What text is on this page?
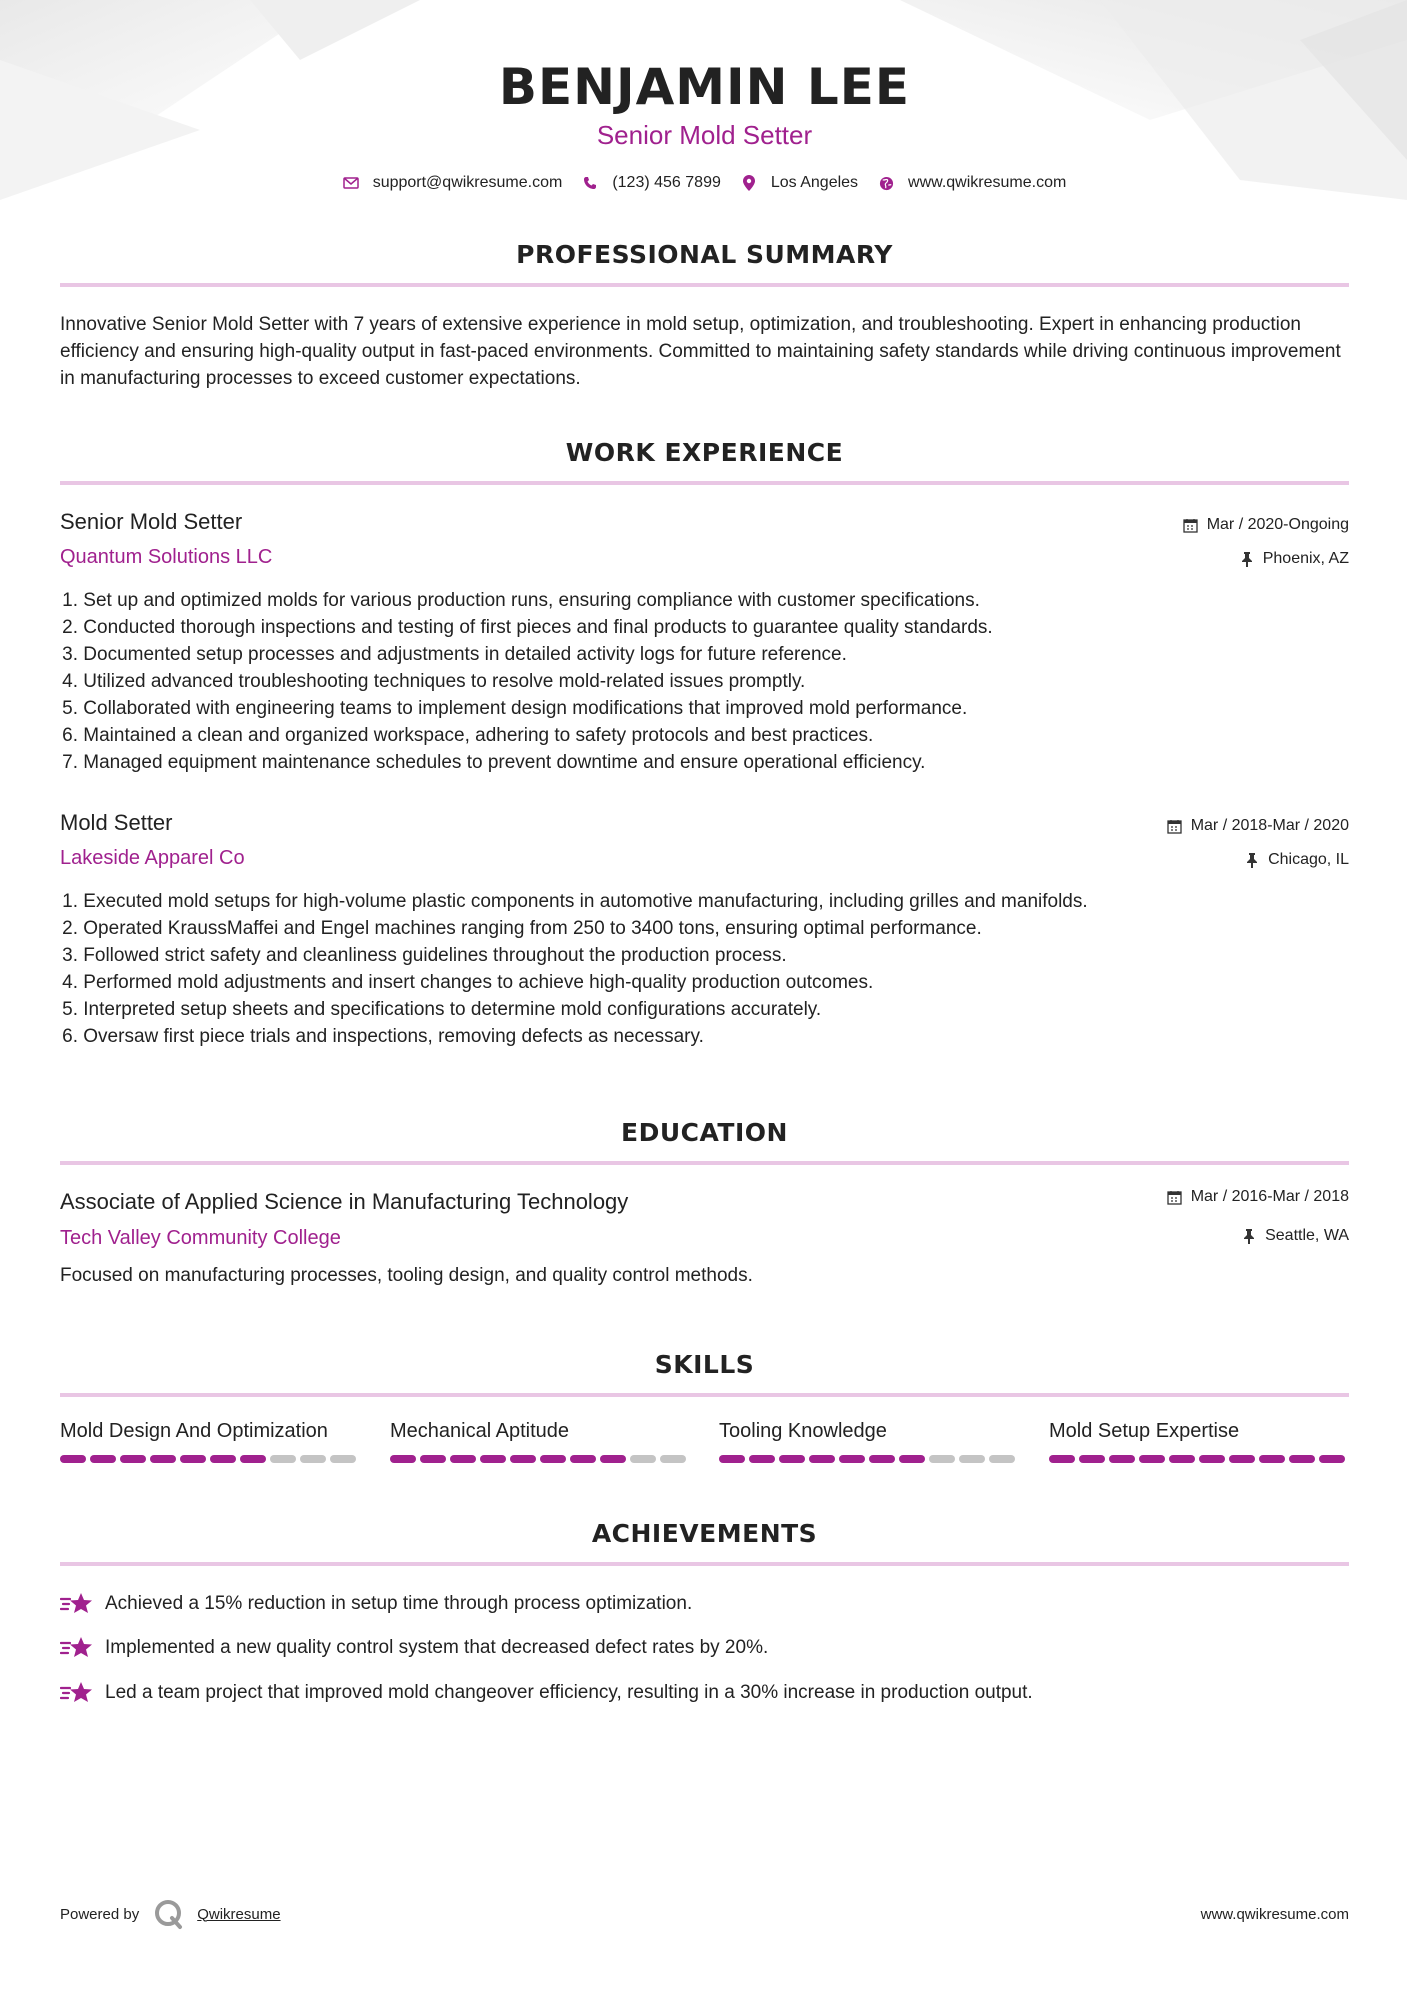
BENJAMIN LEE
Senior Mold Setter
support@qwikresume.com	(123) 456 7899	Los Angeles	www.qwikresume.com
PROFESSIONAL SUMMARY
Innovative Senior Mold Setter with 7 years of extensive experience in mold setup, optimization, and troubleshooting. Expert in enhancing production efficiency and ensuring high-quality output in fast-paced environments. Committed to maintaining safety standards while driving continuous improvement in manufacturing processes to exceed customer expectations.
WORK EXPERIENCE
Senior Mold Setter
Quantum Solutions LLC
Mar / 2020-Ongoing
Phoenix, AZ
1.
Set up and optimized molds for various production runs, ensuring compliance with customer specifications.
2.
Conducted thorough inspections and testing of first pieces and final products to guarantee quality standards.
3.
Documented setup processes and adjustments in detailed activity logs for future reference.
4.
Utilized advanced troubleshooting techniques to resolve mold-related issues promptly.
5.
Collaborated with engineering teams to implement design modifications that improved mold performance.
6.
Maintained a clean and organized workspace, adhering to safety protocols and best practices.
7.
Managed equipment maintenance schedules to prevent downtime and ensure operational efficiency.
Mold Setter
Lakeside Apparel Co
Mar / 2018-Mar / 2020
Chicago, IL
1.
Executed mold setups for high-volume plastic components in automotive manufacturing, including grilles and manifolds.
2.
Operated KraussMaffei and Engel machines ranging from 250 to 3400 tons, ensuring optimal performance.
3.
Followed strict safety and cleanliness guidelines throughout the production process.
4.
Performed mold adjustments and insert changes to achieve high-quality production outcomes.
5.
Interpreted setup sheets and specifications to determine mold configurations accurately.
6.
Oversaw first piece trials and inspections, removing defects as necessary.
EDUCATION
Associate of Applied Science in Manufacturing Technology
Tech Valley Community College
Mar / 2016-Mar / 2018
Seattle, WA
Focused on manufacturing processes, tooling design, and quality control methods.
SKILLS
Mold Design And Optimization	Mechanical Aptitude	Tooling Knowledge	Mold Setup Expertise
ACHIEVEMENTS
Achieved a 15% reduction in setup time through process optimization.
Implemented a new quality control system that decreased defect rates by 20%.
Led a team project that improved mold changeover efficiency, resulting in a 30% increase in production output.
Powered by	Qwikresume	www.qwikresume.com
